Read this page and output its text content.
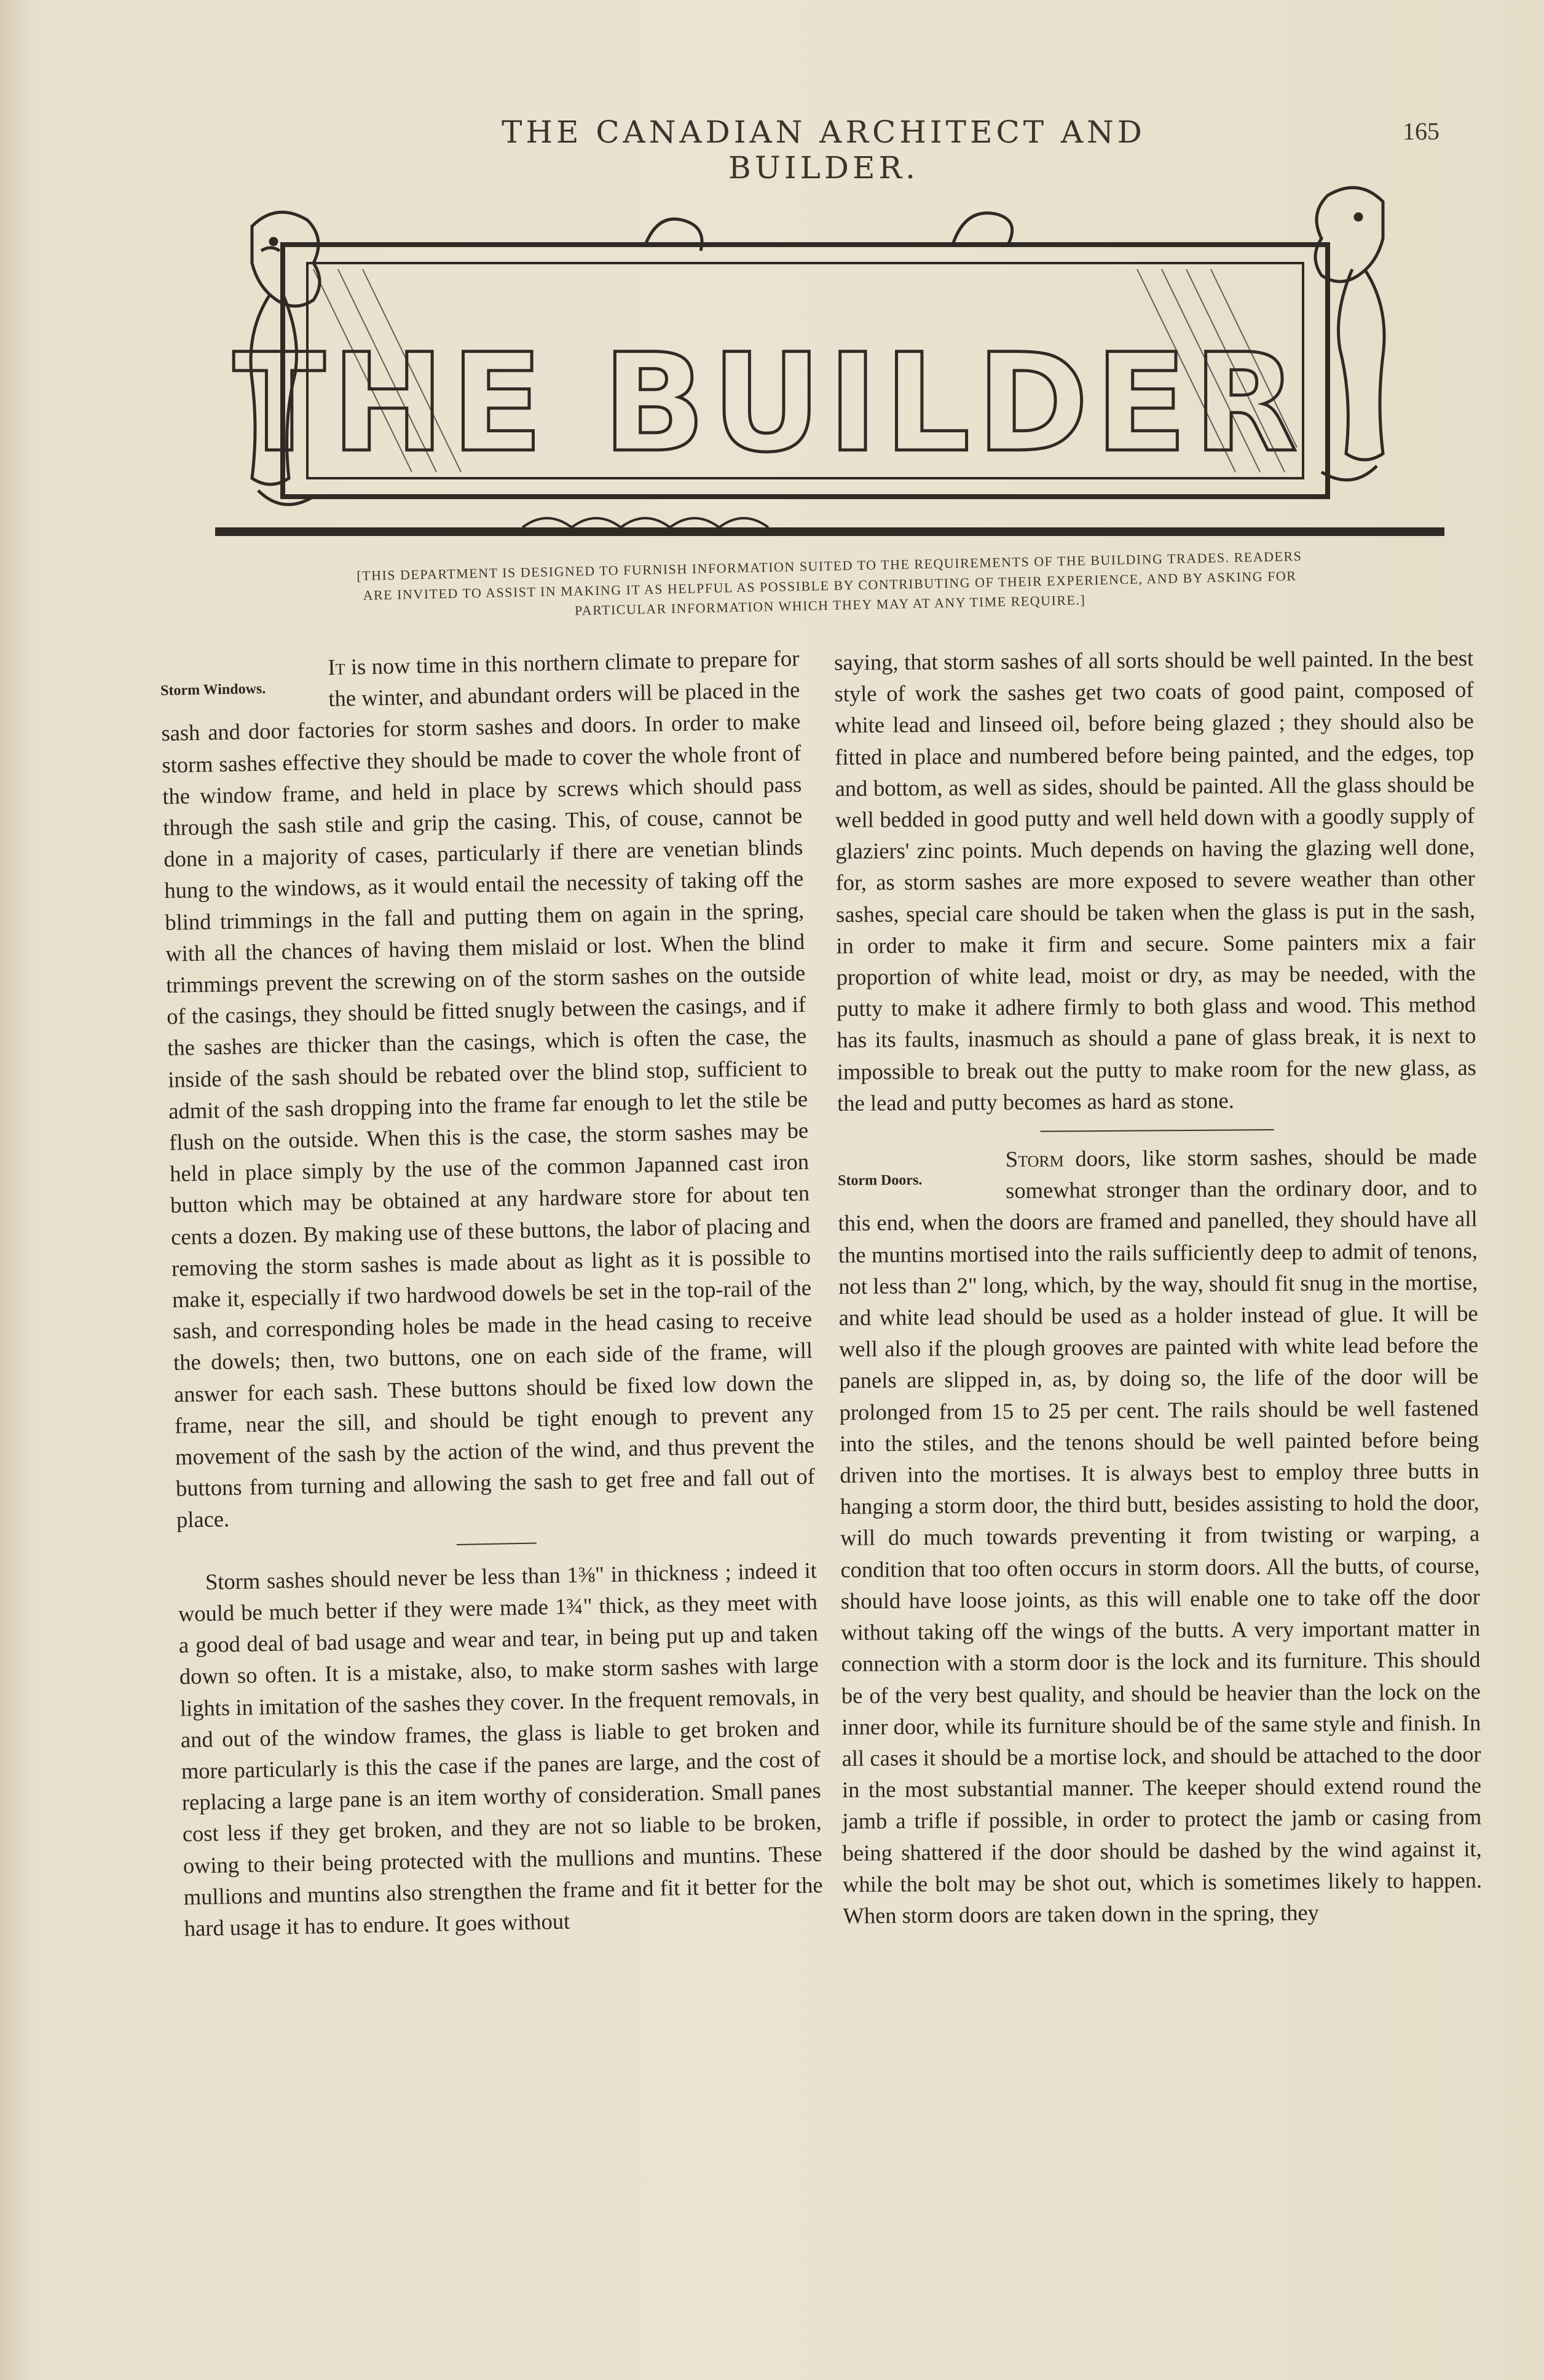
THE CANADIAN ARCHITECT AND BUILDER.
165
THE BUILDER
[THIS DEPARTMENT IS DESIGNED TO FURNISH INFORMATION SUITED TO THE REQUIREMENTS OF THE BUILDING TRADES. READERS ARE INVITED TO ASSIST IN MAKING IT AS HELPFUL AS POSSIBLE BY CONTRIBUTING OF THEIR EXPERIENCE, AND BY ASKING FOR PARTICULAR INFORMATION WHICH THEY MAY AT ANY TIME REQUIRE.]

Storm Windows.
It is now time in this northern climate to prepare for the winter, and abundant orders will be placed in the sash and door factories for storm sashes and doors. In order to make storm sashes effective they should be made to cover the whole front of the window frame, and held in place by screws which should pass through the sash stile and grip the casing. This, of couse, cannot be done in a majority of cases, particularly if there are venetian blinds hung to the windows, as it would entail the necessity of taking off the blind trimmings in the fall and putting them on again in the spring, with all the chances of having them mislaid or lost. When the blind trimmings prevent the screwing on of the storm sashes on the outside of the casings, they should be fitted snugly between the casings, and if the sashes are thicker than the casings, which is often the case, the inside of the sash should be rebated over the blind stop, sufficient to admit of the sash dropping into the frame far enough to let the stile be flush on the outside. When this is the case, the storm sashes may be held in place simply by the use of the common Japanned cast iron button which may be obtained at any hardware store for about ten cents a dozen. By making use of these buttons, the labor of placing and removing the storm sashes is made about as light as it is possible to make it, especially if two hardwood dowels be set in the top-rail of the sash, and corresponding holes be made in the head casing to receive the dowels; then, two buttons, one on each side of the frame, will answer for each sash. These buttons should be fixed low down the frame, near the sill, and should be tight enough to prevent any movement of the sash by the action of the wind, and thus prevent the buttons from turning and allowing the sash to get free and fall out of place.

Storm sashes should never be less than 1⅜" in thickness ; indeed it would be much better if they were made 1¾" thick, as they meet with a good deal of bad usage and wear and tear, in being put up and taken down so often. It is a mistake, also, to make storm sashes with large lights in imitation of the sashes they cover. In the frequent removals, in and out of the window frames, the glass is liable to get broken and more particularly is this the case if the panes are large, and the cost of replacing a large pane is an item worthy of consideration. Small panes cost less if they get broken, and they are not so liable to be broken, owing to their being protected with the mullions and muntins. These mullions and muntins also strengthen the frame and fit it better for the hard usage it has to endure. It goes without

saying, that storm sashes of all sorts should be well painted. In the best style of work the sashes get two coats of good paint, composed of white lead and linseed oil, before being glazed ; they should also be fitted in place and numbered before being painted, and the edges, top and bottom, as well as sides, should be painted. All the glass should be well bedded in good putty and well held down with a goodly supply of glaziers' zinc points. Much depends on having the glazing well done, for, as storm sashes are more exposed to severe weather than other sashes, special care should be taken when the glass is put in the sash, in order to make it firm and secure. Some painters mix a fair proportion of white lead, moist or dry, as may be needed, with the putty to make it adhere firmly to both glass and wood. This method has its faults, inasmuch as should a pane of glass break, it is next to impossible to break out the putty to make room for the new glass, as the lead and putty becomes as hard as stone.

Storm Doors.
Storm doors, like storm sashes, should be made somewhat stronger than the ordinary door, and to this end, when the doors are framed and panelled, they should have all the muntins mortised into the rails sufficiently deep to admit of tenons, not less than 2" long, which, by the way, should fit snug in the mortise, and white lead should be used as a holder instead of glue. It will be well also if the plough grooves are painted with white lead before the panels are slipped in, as, by doing so, the life of the door will be prolonged from 15 to 25 per cent. The rails should be well fastened into the stiles, and the tenons should be well painted before being driven into the mortises. It is always best to employ three butts in hanging a storm door, the third butt, besides assisting to hold the door, will do much towards preventing it from twisting or warping, a condition that too often occurs in storm doors. All the butts, of course, should have loose joints, as this will enable one to take off the door without taking off the wings of the butts. A very important matter in connection with a storm door is the lock and its furniture. This should be of the very best quality, and should be heavier than the lock on the inner door, while its furniture should be of the same style and finish. In all cases it should be a mortise lock, and should be attached to the door in the most substantial manner. The keeper should extend round the jamb a trifle if possible, in order to protect the jamb or casing from being shattered if the door should be dashed by the wind against it, while the bolt may be shot out, which is sometimes likely to happen. When storm doors are taken down in the spring, they
